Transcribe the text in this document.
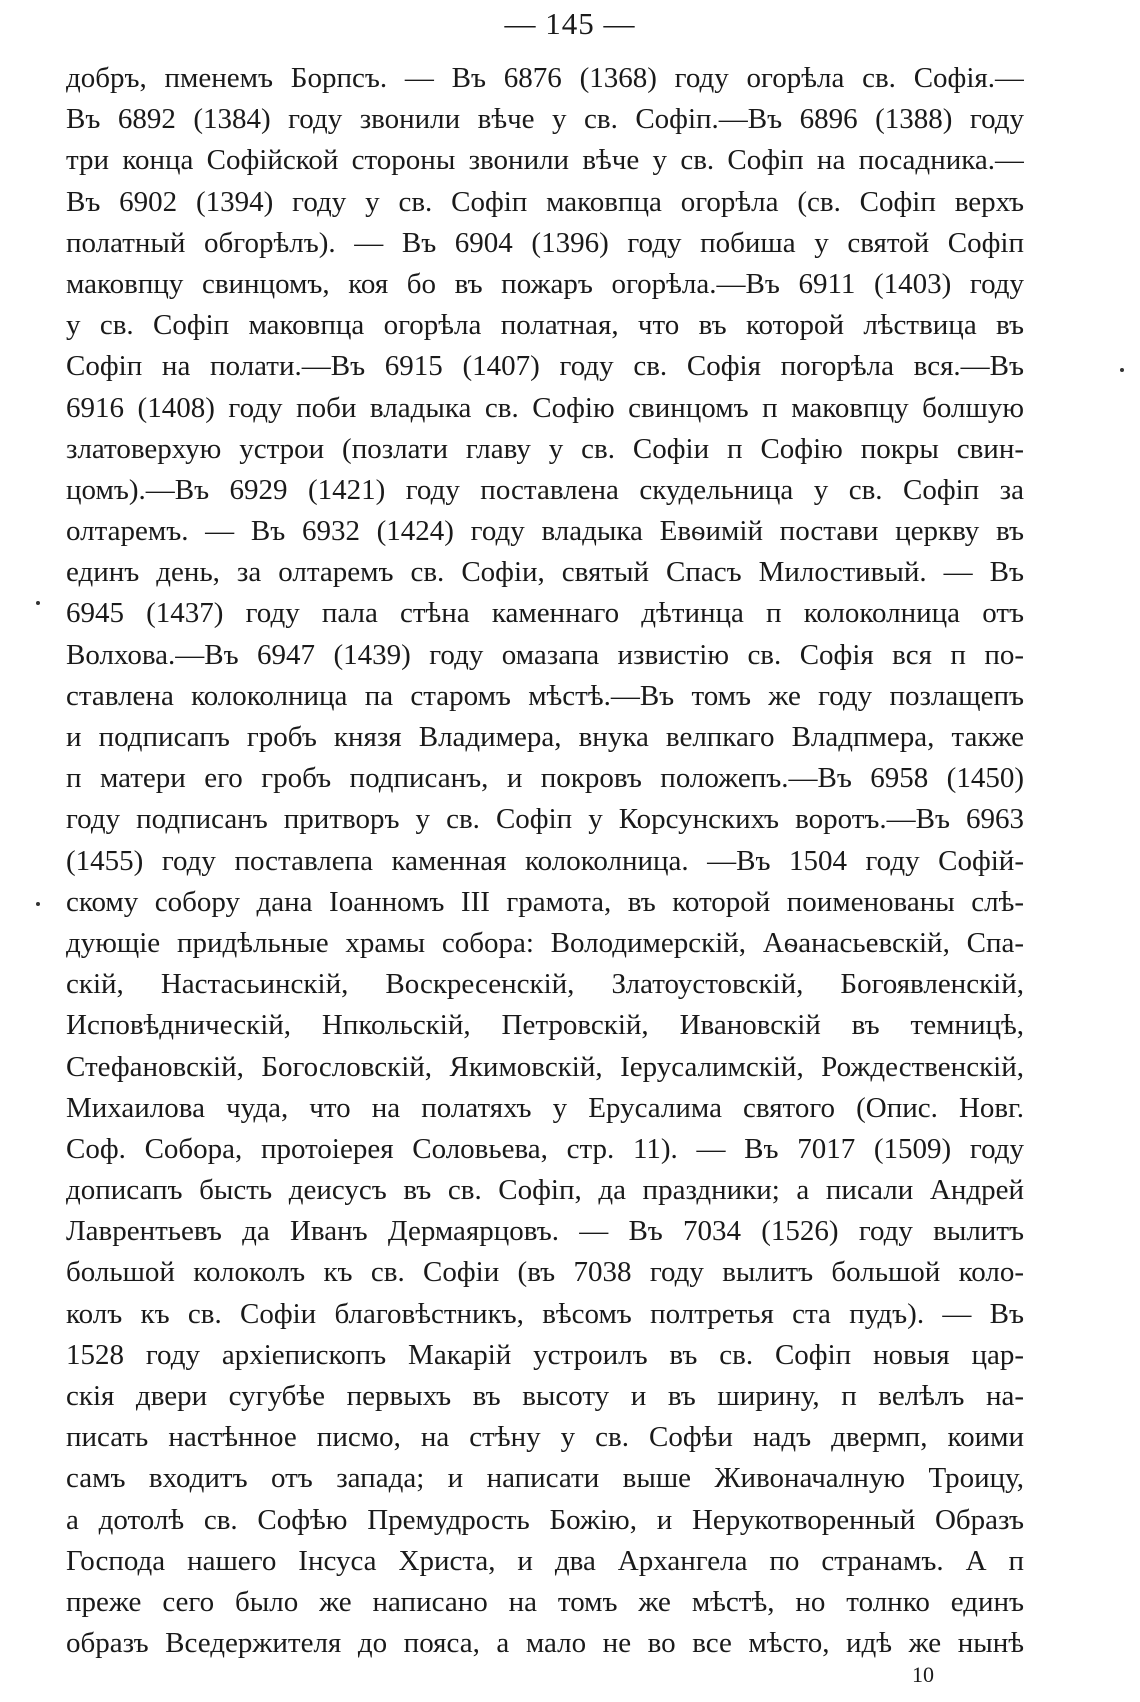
— 145 —
добръ, пменемъ Борпсъ. — Въ 6876 (1368) году огорѣла св. Софія.—
Въ 6892 (1384) году звонили вѣче у св. Софіп.—Въ 6896 (1388) году
три конца Софійской стороны звонили вѣче у св. Софіп на посадника.—
Въ 6902 (1394) году у св. Софіп маковпца огорѣла (св. Софіп верхъ
полатный обгорѣлъ). — Въ 6904 (1396) году побиша у святой Софіп
маковпцу свинцомъ, коя бо въ пожаръ огорѣла.—Въ 6911 (1403) году
у св. Софіп маковпца огорѣла полатная, что въ которой лѣствица въ
Софіп на полати.—Въ 6915 (1407) году св. Софія погорѣла вся.—Въ
6916 (1408) году поби владыка св. Софію свинцомъ п маковпцу болшую
златоверхую устрои (позлати главу у св. Софіи п Софію покры свин-
цомъ).—Въ 6929 (1421) году поставлена скудельница у св. Софіп за
олтаремъ. — Въ 6932 (1424) году владыка Евѳимій постави церкву въ
единъ день, за олтаремъ св. Софіи, святый Спасъ Милостивый. — Въ
6945 (1437) году пала стѣна каменнаго дѣтинца п колоколница отъ
Волхова.—Въ 6947 (1439) году омазапа извистію св. Софія вся п по-
ставлена колоколница па старомъ мѣстѣ.—Въ томъ же году позлащепъ
и подписапъ гробъ князя Владимера, внука велпкаго Владпмера, также
п матери его гробъ подписанъ, и покровъ положепъ.—Въ 6958 (1450)
году подписанъ притворъ у св. Софіп у Корсунскихъ воротъ.—Въ 6963
(1455) году поставлепа каменная колоколница. —Въ 1504 году Софій-
скому собору дана Іоанномъ III грамота, въ которой поименованы слѣ-
дующіе придѣльные храмы собора: Володимерскій, Аѳанасьевскій, Спа-
скій, Настасьинскій, Воскресенскій, Златоустовскій, Богоявленскій,
Исповѣдническій, Нпкольскій, Петровскій, Ивановскій въ темницѣ,
Стефановскій, Богословскій, Якимовскій, Іерусалимскій, Рождественскій,
Михаилова чуда, что на полатяхъ у Ерусалима святого (Опис. Новг.
Соф. Собора, протоіерея Соловьева, стр. 11). — Въ 7017 (1509) году
дописапъ бысть деисусъ въ св. Софіп, да праздники; а писали Андрей
Лаврентьевъ да Иванъ Дермаярцовъ. — Въ 7034 (1526) году вылитъ
большой колоколъ къ св. Софіи (въ 7038 году вылитъ большой коло-
колъ къ св. Софіи благовѣстникъ, вѣсомъ полтретья ста пудъ). — Въ
1528 году архіепископъ Макарій устроилъ въ св. Софіп новыя цар-
скія двери сугубѣе первыхъ въ высоту и въ ширину, п велѣлъ на-
писать настѣнное писмо, на стѣну у св. Софѣи надъ двермп, коими
самъ входитъ отъ запада; и написати выше Живоначалную Троицу,
а дотолѣ св. Софѣю Премудрость Божію, и Нерукотворенный Образъ
Господа нашего Інсуса Христа, и два Архангела по странамъ. А п
преже сего было же написано на томъ же мѣстѣ, но толнко единъ
образъ Вседержителя до пояса, а мало не во все мѣсто, идѣ же нынѣ
10
